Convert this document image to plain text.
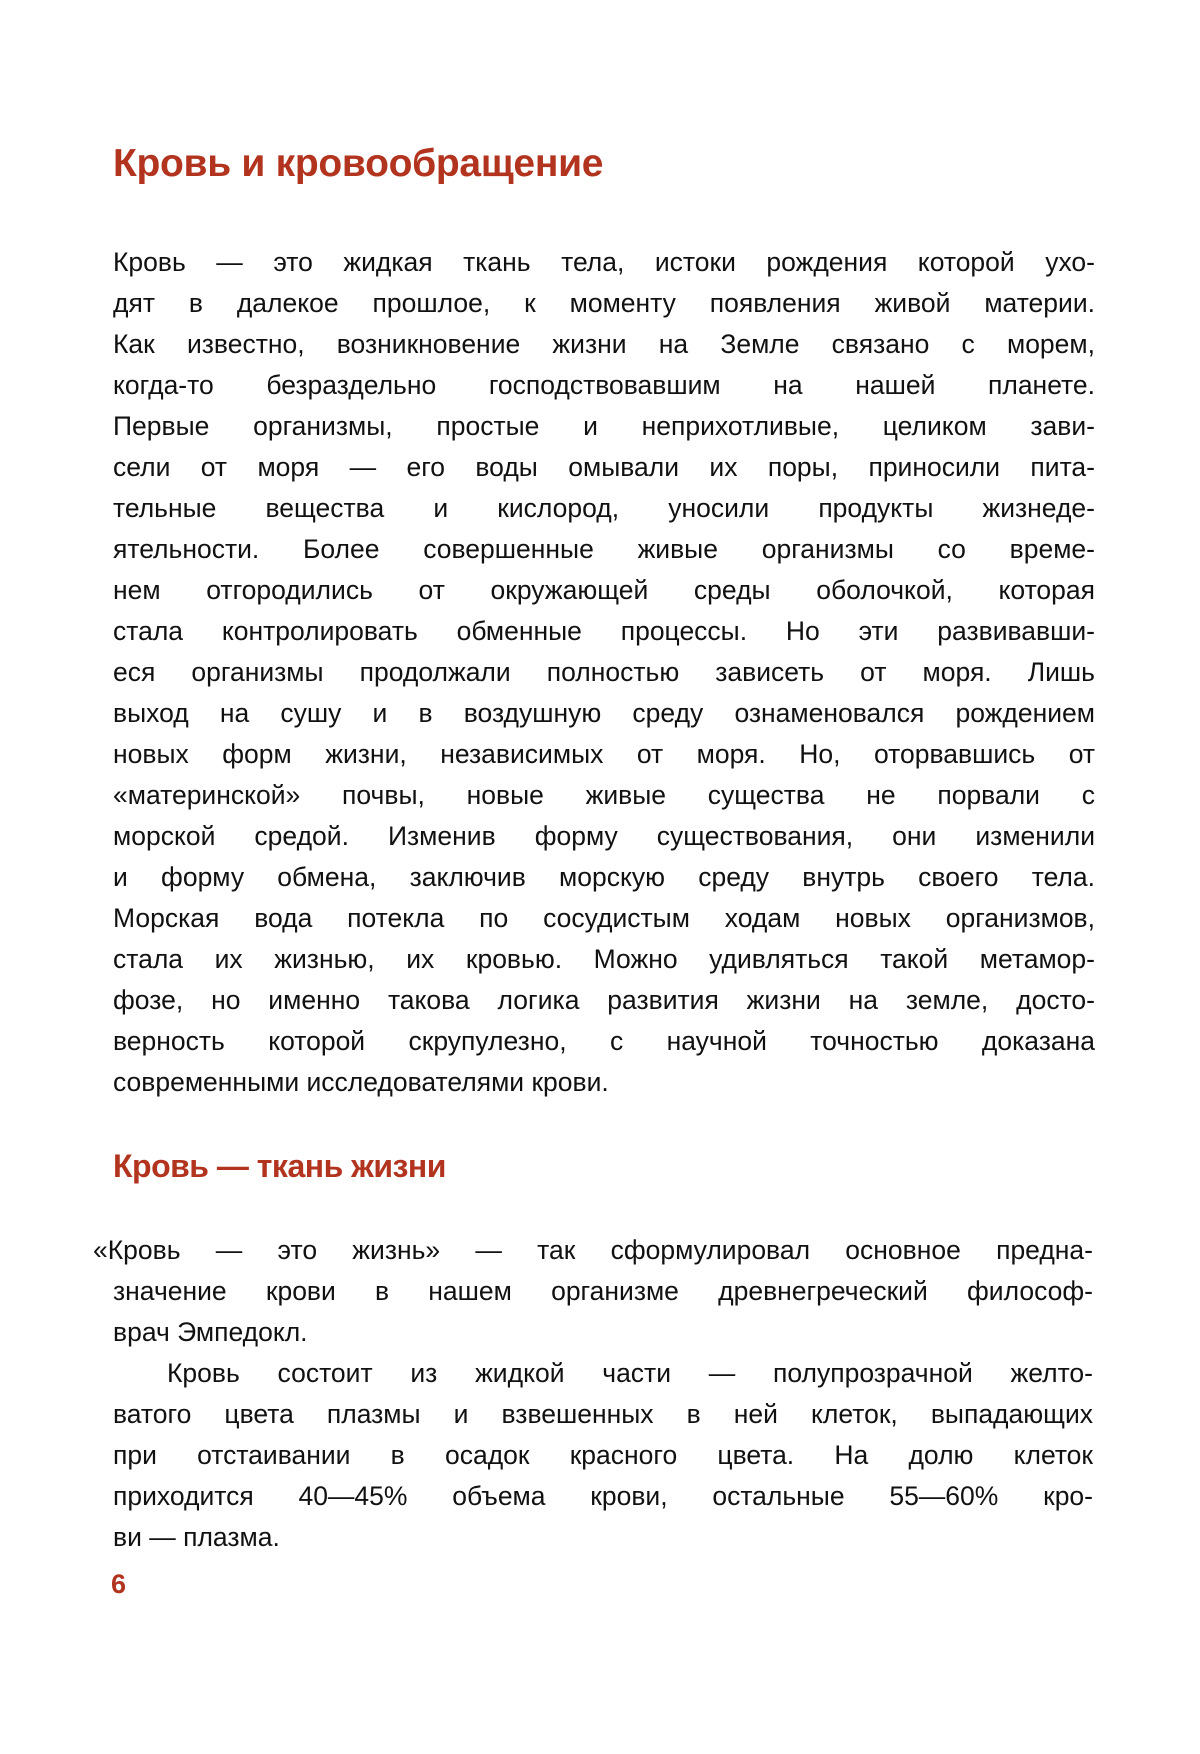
Кровь и кровообращение
Кровь — это жидкая ткань тела, истоки рождения которой ухо-
дят в далекое прошлое, к моменту появления живой материи.
Как известно, возникновение жизни на Земле связано с морем,
когда-то безраздельно господствовавшим на нашей планете.
Первые организмы, простые и неприхотливые, целиком зави-
сели от моря — его воды омывали их поры, приносили пита-
тельные вещества и кислород, уносили продукты жизнеде-
ятельности. Более совершенные живые организмы со време-
нем отгородились от окружающей среды оболочкой, которая
стала контролировать обменные процессы. Но эти развивавши-
еся организмы продолжали полностью зависеть от моря. Лишь
выход на сушу и в воздушную среду ознаменовался рождением
новых форм жизни, независимых от моря. Но, оторвавшись от
«материнской» почвы, новые живые существа не порвали с
морской средой. Изменив форму существования, они изменили
и форму обмена, заключив морскую среду внутрь своего тела.
Морская вода потекла по сосудистым ходам новых организмов,
стала их жизнью, их кровью. Можно удивляться такой метамор-
фозе, но именно такова логика развития жизни на земле, досто-
верность которой скрупулезно, с научной точностью доказана
современными исследователями крови.
Кровь — ткань жизни
«Кровь — это жизнь» — так сформулировал основное предна-
значение крови в нашем организме древнегреческий философ-
врач Эмпедокл.
Кровь состоит из жидкой части — полупрозрачной желто-
ватого цвета плазмы и взвешенных в ней клеток, выпадающих
при отстаивании в осадок красного цвета. На долю клеток
приходится 40—45% объема крови, остальные 55—60% кро-
ви — плазма.
6
